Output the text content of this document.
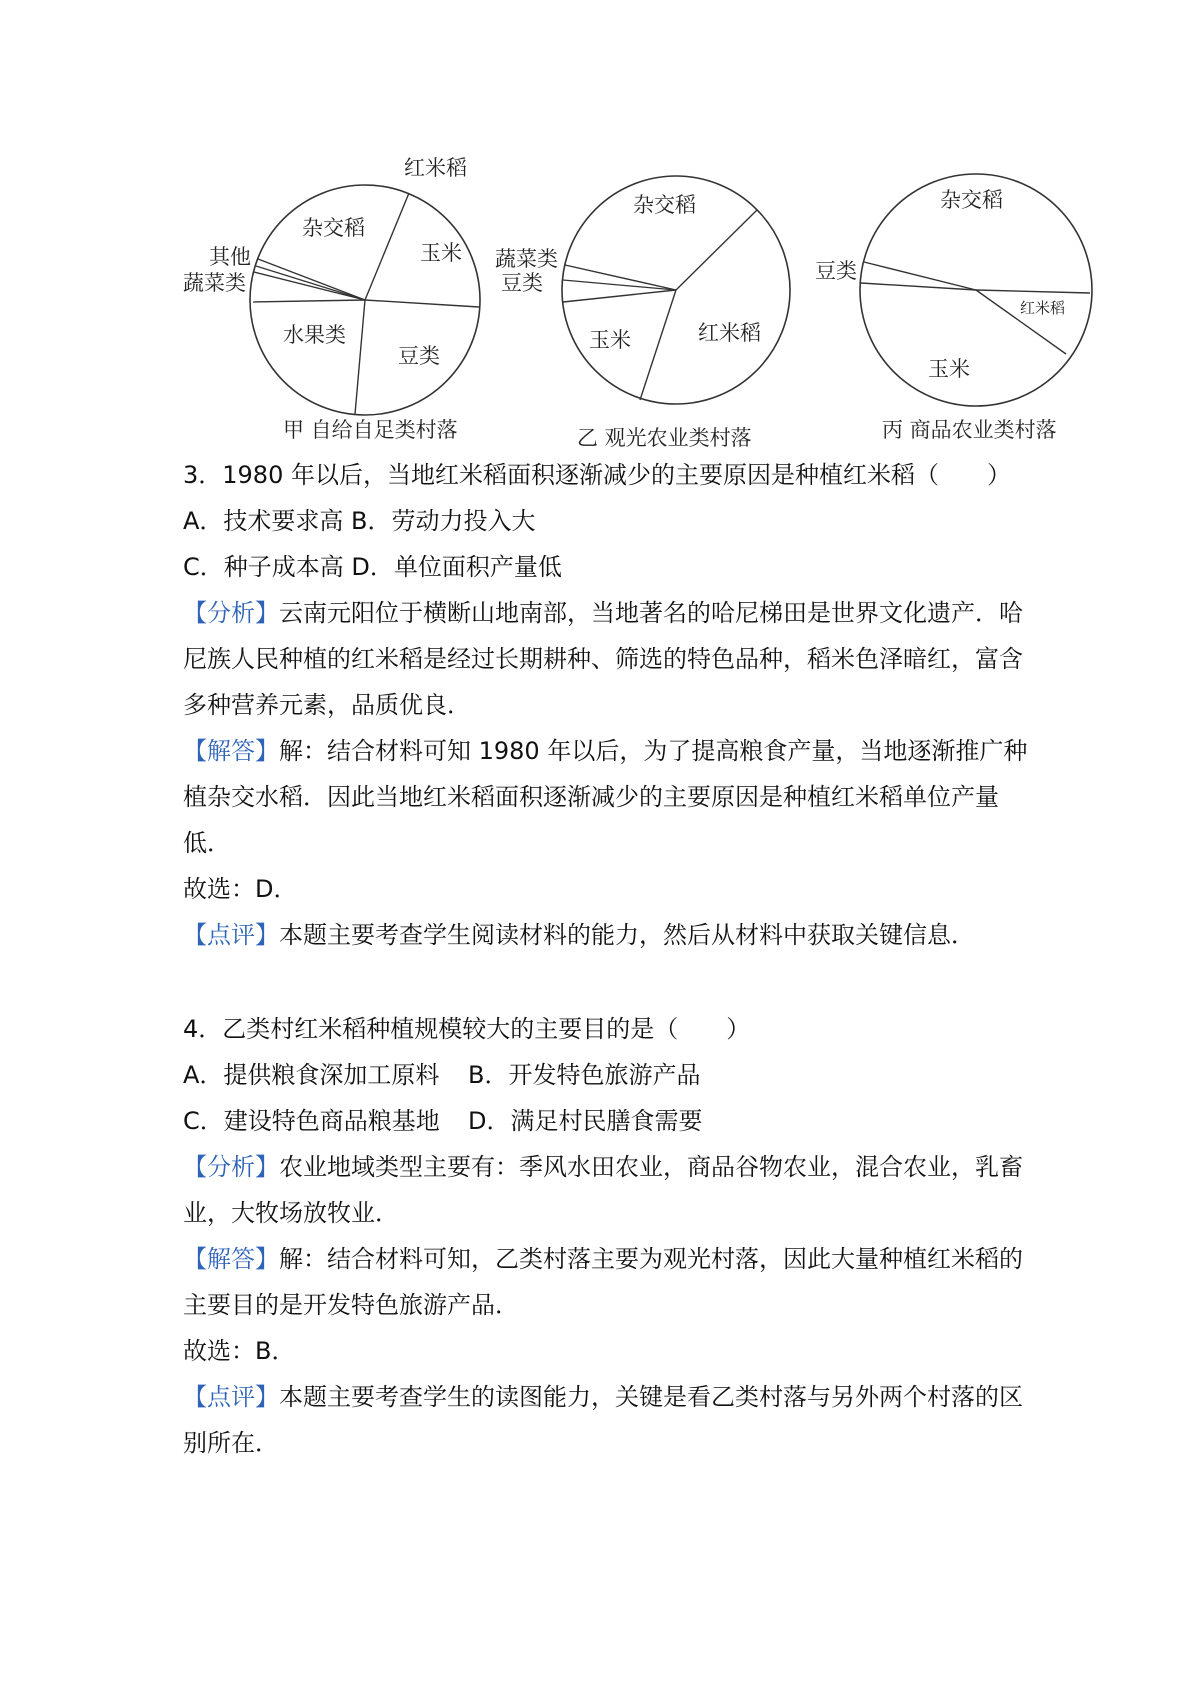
红米稻
杂交稻
玉米
其他
蔬菜类
水果类
豆类
甲 自给自足类村落
杂交稻
蔬菜类
豆类
玉米	红米稻
乙 观光农业类村落
杂交稻
豆类
红米稻
玉米
丙 商品农业类村落
3．1980 年以后，当地红米稻面积逐渐减少的主要原因是种植红米稻（　　）
A．技术要求高 B．劳动力投入大
C．种子成本高 D．单位面积产量低
【分析】云南元阳位于横断山地南部，当地著名的哈尼梯田是世界文化遗产．哈
尼族人民种植的红米稻是经过长期耕种、筛选的特色品种，稻米色泽暗红，富含
多种营养元素，品质优良．
【解答】解：结合材料可知 1980 年以后，为了提高粮食产量，当地逐渐推广种
植杂交水稻．因此当地红米稻面积逐渐减少的主要原因是种植红米稻单位产量
低．
故选：D．
【点评】本题主要考查学生阅读材料的能力，然后从材料中获取关键信息．
4．乙类村红米稻种植规模较大的主要目的是（　　）
A．提供粮食深加工原料 B．开发特色旅游产品
C．建设特色商品粮基地 D．满足村民膳食需要
【分析】农业地域类型主要有：季风水田农业，商品谷物农业，混合农业，乳畜
业，大牧场放牧业．
【解答】解：结合材料可知，乙类村落主要为观光村落，因此大量种植红米稻的
主要目的是开发特色旅游产品．
故选：B．
【点评】本题主要考查学生的读图能力，关键是看乙类村落与另外两个村落的区
别所在．
